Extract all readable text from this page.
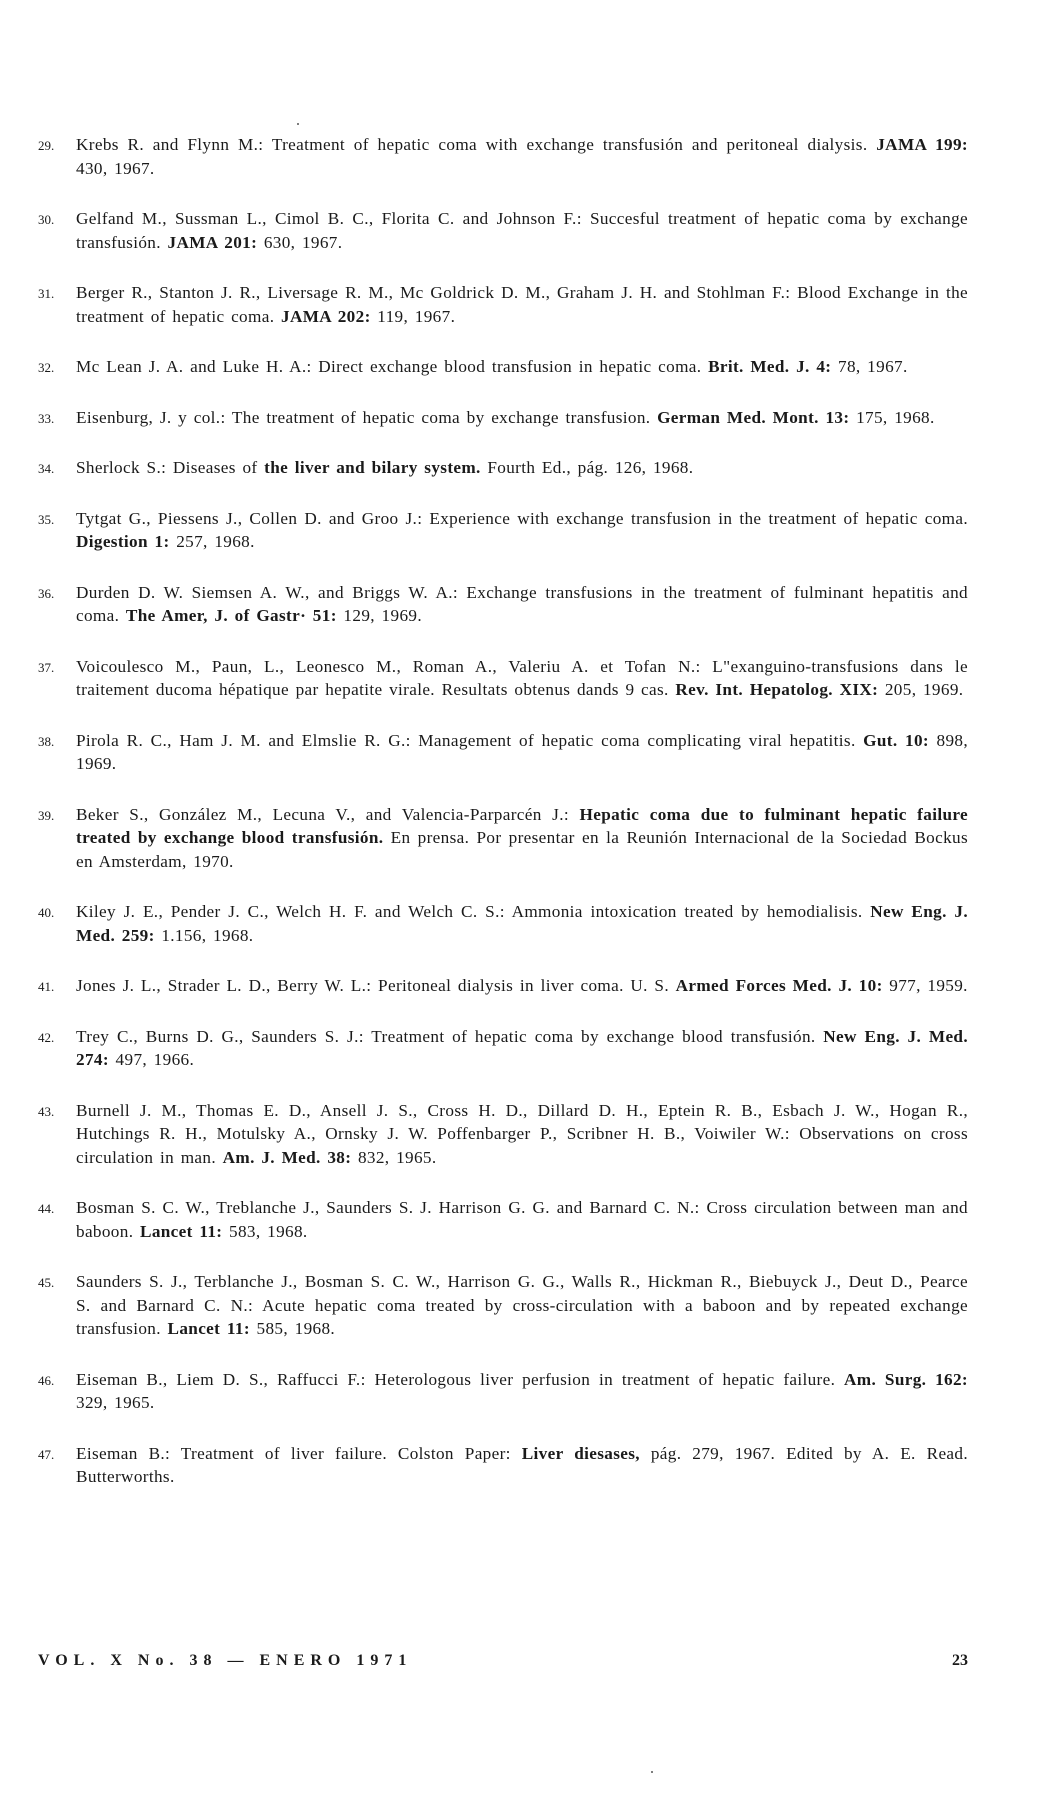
29. Krebs R. and Flynn M.: Treatment of hepatic coma with exchange transfusión and peritoneal dialysis. JAMA 199: 430, 1967.
30. Gelfand M., Sussman L., Cimol B. C., Florita C. and Johnson F.: Succesful treatment of hepatic coma by exchange transfusión. JAMA 201: 630, 1967.
31. Berger R., Stanton J. R., Liversage R. M., Mc Goldrick D. M., Graham J. H. and Stohlman F.: Blood Exchange in the treatment of hepatic coma. JAMA 202: 119, 1967.
32. Mc Lean J. A. and Luke H. A.: Direct exchange blood transfusion in hepatic coma. Brit. Med. J. 4: 78, 1967.
33. Eisenburg, J. y col.: The treatment of hepatic coma by exchange transfusion. German Med. Mont. 13: 175, 1968.
34. Sherlock S.: Diseases of the liver and bilary system. Fourth Ed., pág. 126, 1968.
35. Tytgat G., Piessens J., Collen D. and Groo J.: Experience with exchange transfusion in the treatment of hepatic coma. Digestion 1: 257, 1968.
36. Durden D. W. Siemsen A. W., and Briggs W. A.: Exchange transfusions in the treatment of fulminant hepatitis and coma. The Amer, J. of Gastr· 51: 129, 1969.
37. Voicoulesco M., Paun, L., Leonesco M., Roman A., Valeriu A. et Tofan N.: L"exanguino-transfusions dans le traitement ducoma hépatique par hepatite virale. Resultats obtenus dands 9 cas. Rev. Int. Hepatolog. XIX: 205, 1969.
38. Pirola R. C., Ham J. M. and Elmslie R. G.: Management of hepatic coma complicating viral hepatitis. Gut. 10: 898, 1969.
39. Beker S., González M., Lecuna V., and Valencia-Parparcén J.: Hepatic coma due to fulminant hepatic failure treated by exchange blood transfusión. En prensa. Por presentar en la Reunión Internacional de la Sociedad Bockus en Amsterdam, 1970.
40. Kiley J. E., Pender J. C., Welch H. F. and Welch C. S.: Ammonia intoxication treated by hemodialisis. New Eng. J. Med. 259: 1.156, 1968.
41. Jones J. L., Strader L. D., Berry W. L.: Peritoneal dialysis in liver coma. U. S. Armed Forces Med. J. 10: 977, 1959.
42. Trey C., Burns D. G., Saunders S. J.: Treatment of hepatic coma by exchange blood transfusión. New Eng. J. Med. 274: 497, 1966.
43. Burnell J. M., Thomas E. D., Ansell J. S., Cross H. D., Dillard D. H., Eptein R. B., Esbach J. W., Hogan R., Hutchings R. H., Motulsky A., Ornsky J. W. Poffenbarger P., Scribner H. B., Voiwiler W.: Observations on cross circulation in man. Am. J. Med. 38: 832, 1965.
44. Bosman S. C. W., Treblanche J., Saunders S. J. Harrison G. G. and Barnard C. N.: Cross circulation between man and baboon. Lancet 11: 583, 1968.
45. Saunders S. J., Terblanche J., Bosman S. C. W., Harrison G. G., Walls R., Hickman R., Biebuyck J., Deut D., Pearce S. and Barnard C. N.: Acute hepatic coma treated by cross-circulation with a baboon and by repeated exchange transfusion. Lancet 11: 585, 1968.
46. Eiseman B., Liem D. S., Raffucci F.: Heterologous liver perfusion in treatment of hepatic failure. Am. Surg. 162: 329, 1965.
47. Eiseman B.: Treatment of liver failure. Colston Paper: Liver diesases, pág. 279, 1967. Edited by A. E. Read. Butterworths.
VOL. X No. 38 — ENERO 1971	23
